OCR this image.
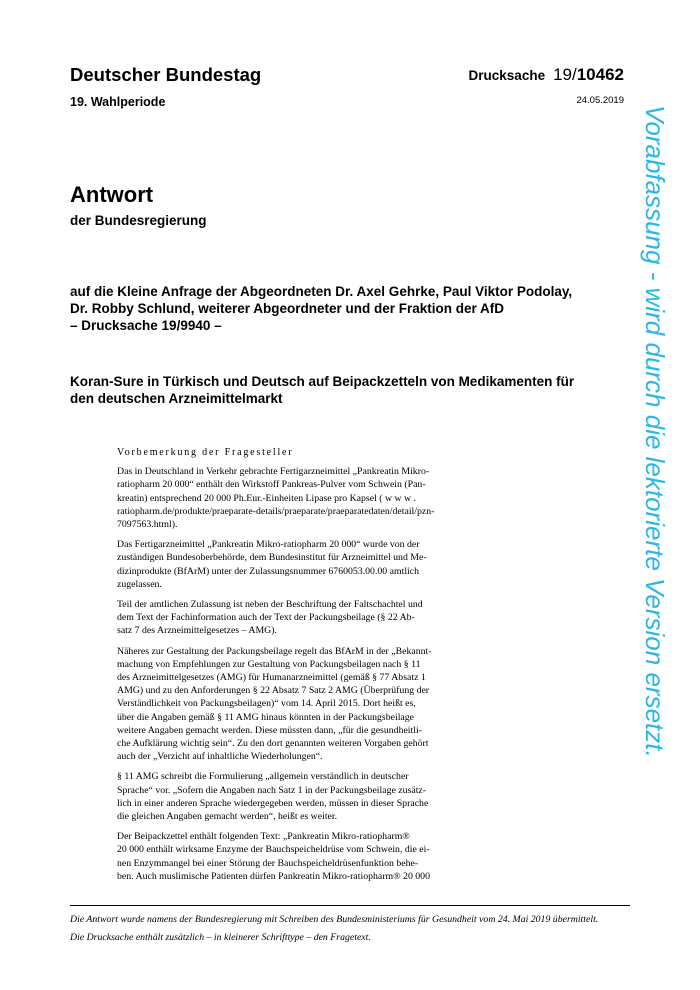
Deutscher Bundestag
19. Wahlperiode
Drucksache 19/10462
24.05.2019
Antwort
der Bundesregierung
auf die Kleine Anfrage der Abgeordneten Dr. Axel Gehrke, Paul Viktor Podolay,
Dr. Robby Schlund, weiterer Abgeordneter und der Fraktion der AfD
– Drucksache 19/9940 –
Koran-Sure in Türkisch und Deutsch auf Beipackzetteln von Medikamenten für
den deutschen Arzneimittelmarkt
Vorbemerkung der Fragesteller
Das in Deutschland in Verkehr gebrachte Fertigarzneimittel „Pankreatin Mikro-
ratiopharm 20 000“ enthält den Wirkstoff Pankreas-Pulver vom Schwein (Pan-
kreatin) entsprechend 20 000 Ph.Eur.-Einheiten Lipase pro Kapsel ( w w w .
ratiopharm.de/produkte/praeparate-details/praeparate/praeparatedaten/detail/pzn-
7097563.html).
Das Fertigarzneimittel „Pankreatin Mikro-ratiopharm 20 000“ wurde von der
zuständigen Bundesoberbehörde, dem Bundesinstitut für Arzneimittel und Me-
dizinprodukte (BfArM) unter der Zulassungsnummer 6760053.00.00 amtlich
zugelassen.
Teil der amtlichen Zulassung ist neben der Beschriftung der Faltschachtel und
dem Text der Fachinformation auch der Text der Packungsbeilage (§ 22 Ab-
satz 7 des Arzneimittelgesetzes – AMG).
Näheres zur Gestaltung der Packungsbeilage regelt das BfArM in der „Bekannt-
machung von Empfehlungen zur Gestaltung von Packungsbeilagen nach § 11
des Arzneimittelgesetzes (AMG) für Humanarzneimittel (gemäß § 77 Absatz 1
AMG) und zu den Anforderungen § 22 Absatz 7 Satz 2 AMG (Überprüfung der
Verständlichkeit von Packungsbeilagen)“ vom 14. April 2015. Dort heißt es,
über die Angaben gemäß § 11 AMG hinaus könnten in der Packungsbeilage
weitere Angaben gemacht werden. Diese müssten dann, „für die gesundheitli-
che Aufklärung wichtig sein“. Zu den dort genannten weiteren Vorgaben gehört
auch der „Verzicht auf inhaltliche Wiederholungen“.
§ 11 AMG schreibt die Formulierung „allgemein verständlich in deutscher
Sprache“ vor. „Sofern die Angaben nach Satz 1 in der Packungsbeilage zusätz-
lich in einer anderen Sprache wiedergegeben werden, müssen in dieser Sprache
die gleichen Angaben gemacht werden“, heißt es weiter.
Der Beipackzettel enthält folgenden Text: „Pankreatin Mikro-ratiopharm®
20 000 enthält wirksame Enzyme der Bauchspeicheldrüse vom Schwein, die ei-
nen Enzymmangel bei einer Störung der Bauchspeicheldrüsenfunktion behe-
ben. Auch muslimische Patienten dürfen Pankreatin Mikro-ratiopharm® 20 000
Die Antwort wurde namens der Bundesregierung mit Schreiben des Bundesministeriums für Gesundheit vom 24. Mai 2019 übermittelt.
Die Drucksache enthält zusätzlich – in kleinerer Schrifttype – den Fragetext.
Vorabfassung - wird durch die lektorierte Version ersetzt.
